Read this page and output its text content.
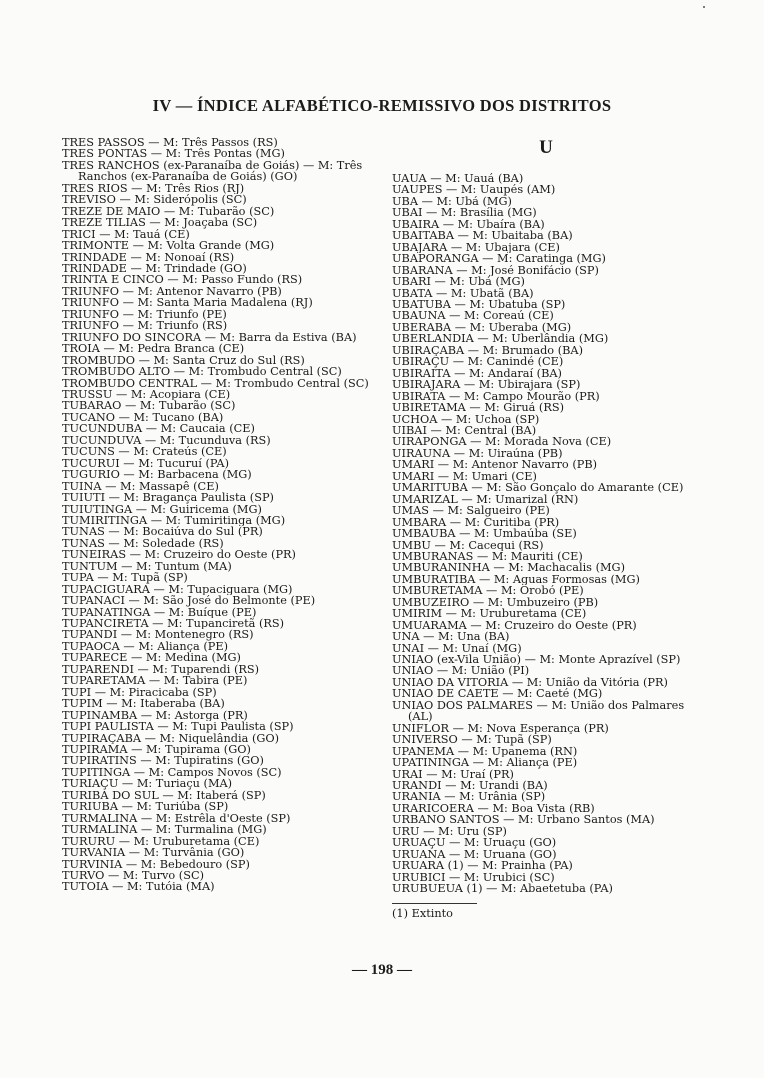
IV — ÍNDICE ALFABÉTICO-REMISSIVO DOS DISTRITOS
TRÊS PASSOS — M: Três Passos (RS)
TRÊS PONTAS — M: Três Pontas (MG)
TRÊS RANCHOS (ex-Paranaíba de Goiás) — M: Três Ranchos (ex-Paranaíba de Goiás) (GO)
TRÊS RIOS — M: Três Rios (RJ)
TREVISO — M: Siderópolis (SC)
TREZE DE MAIO — M: Tubarão (SC)
TREZE TÍLIAS — M: Joaçaba (SC)
TRICI — M: Tauá (CE)
TRIMONTE — M: Volta Grande (MG)
TRINDADE — M: Nonoaí (RS)
TRINDADE — M: Trindade (GO)
TRINTA E CINCO — M: Passo Fundo (RS)
TRIUNFO — M: Antenor Navarro (PB)
TRIUNFO — M: Santa Maria Madalena (RJ)
TRIUNFO — M: Triunfo (PE)
TRIUNFO — M: Triunfo (RS)
TRIUNFO DO SINCORÁ — M: Barra da Estiva (BA)
TRÓIA — M: Pedra Branca (CE)
TROMBUDO — M: Santa Cruz do Sul (RS)
TROMBUDO ALTO — M: Trombudo Central (SC)
TROMBUDO CENTRAL — M: Trombudo Central (SC)
TRUSSU — M: Acopiara (CE)
TUBARÃO — M: Tubarão (SC)
TUCANO — M: Tucano (BA)
TUCUNDUBA — M: Caucaia (CE)
TUCUNDUVA — M: Tucunduva (RS)
TUCUNS — M: Crateús (CE)
TUCURUÍ — M: Tucuruí (PA)
TUGÚRIO — M: Barbacena (MG)
TUÍNA — M: Massapê (CE)
TUIUTI — M: Bragança Paulista (SP)
TUIUTINGA — M: Guiricema (MG)
TUMIRITINGA — M: Tumiritinga (MG)
TUNAS — M: Bocaiúva do Sul (PR)
TUNAS — M: Soledade (RS)
TUNEIRAS — M: Cruzeiro do Oeste (PR)
TUNTUM — M: Tuntum (MA)
TUPÃ — M: Tupã (SP)
TUPACIGUARA — M: Tupaciguara (MG)
TUPANACI — M: São José do Belmonte (PE)
TUPANATINGA — M: Buíque (PE)
TUPANCIRETÃ — M: Tupanciretã (RS)
TUPANDI — M: Montenegro (RS)
TUPAOCA — M: Aliança (PE)
TUPARECÊ — M: Medina (MG)
TUPARENDI — M: Tuparendi (RS)
TUPARETAMA — M: Tabira (PE)
TUPI — M: Piracicaba (SP)
TUPIM — M: Itaberaba (BA)
TUPINAMBÁ — M: Astorga (PR)
TUPI PAULISTA — M: Tupi Paulista (SP)
TUPIRAÇABA — M: Niquelândia (GO)
TUPIRAMA — M: Tupirama (GO)
TUPIRATINS — M: Tupiratins (GO)
TUPITINGA — M: Campos Novos (SC)
TURIAÇU — M: Turiaçu (MA)
TURIBA DO SUL — M: Itaberá (SP)
TURIÚBA — M: Turiúba (SP)
TURMALINA — M: Estrêla d'Oeste (SP)
TURMALINA — M: Turmalina (MG)
TURURU — M: Uruburetama (CE)
TURVÂNIA — M: Turvânia (GO)
TURVÍNIA — M: Bebedouro (SP)
TURVO — M: Turvo (SC)
TUTÓIA — M: Tutóia (MA)
U
UAUÁ — M: Uauá (BA)
UAUPÉS — M: Uaupés (AM)
UBÁ — M: Ubá (MG)
UBAÍ — M: Brasília (MG)
UBAÍRA — M: Ubaíra (BA)
UBAITABA — M: Ubaitaba (BA)
UBAJARA — M: Ubajara (CE)
UBAPORANGA — M: Caratinga (MG)
UBARANA — M: José Bonifácio (SP)
UBARI — M: Ubá (MG)
UBATÃ — M: Ubatã (BA)
UBATUBA — M: Ubatuba (SP)
UBAÚNA — M: Coreaú (CE)
UBERABA — M: Uberaba (MG)
UBERLÂNDIA — M: Uberlândia (MG)
UBIRAÇABA — M: Brumado (BA)
UBIRAÇU — M: Canindé (CE)
UBIRAITÁ — M: Andaraí (BA)
UBIRAJARA — M: Ubirajara (SP)
UBIRATÃ — M: Campo Mourão (PR)
UBIRETAMA — M: Giruá (RS)
UCHOA — M: Uchoa (SP)
UIBAÍ — M: Central (BA)
UIRAPONGA — M: Morada Nova (CE)
UIRAÚNA — M: Uiraúna (PB)
UMARI — M: Antenor Navarro (PB)
UMARI — M: Umari (CE)
UMARITUBA — M: São Gonçalo do Amarante (CE)
UMARIZAL — M: Umarizal (RN)
UMAS — M: Salgueiro (PE)
UMBARÁ — M: Curitiba (PR)
UMBAÚBA — M: Umbaúba (SE)
UMBU — M: Cacequi (RS)
UMBURANAS — M: Mauriti (CE)
UMBURANINHA — M: Machacalis (MG)
UMBURATIBA — M: Águas Formosas (MG)
UMBURETAMA — M: Orobó (PE)
UMBUZEIRO — M: Umbuzeiro (PB)
UMIRIM — M: Uruburetama (CE)
UMUARAMA — M: Cruzeiro do Oeste (PR)
UNA — M: Una (BA)
UNAÍ — M: Unaí (MG)
UNIÃO (ex-Vila União) — M: Monte Aprazível (SP)
UNIÃO — M: União (PI)
UNIÃO DA VITÓRIA — M: União da Vitória (PR)
UNIÃO DE CAETÉ — M: Caeté (MG)
UNIÃO DOS PALMARES — M: União dos Palmares (AL)
UNIFLOR — M: Nova Esperança (PR)
UNIVERSO — M: Tupã (SP)
UPANEMA — M: Upanema (RN)
UPATININGA — M: Aliança (PE)
URAÍ — M: Uraí (PR)
URANDI — M: Urandi (BA)
URÂNIA — M: Urânia (SP)
URARICOERA — M: Boa Vista (RB)
URBANO SANTOS — M: Urbano Santos (MA)
URU — M: Uru (SP)
URUAÇU — M: Uruaçu (GO)
URUANA — M: Uruana (GO)
URUARÁ (1) — M: Prainha (PA)
URUBICI — M: Urubici (SC)
URUBUEUA (1) — M: Abaetetuba (PA)
(1) Extinto
— 198 —
